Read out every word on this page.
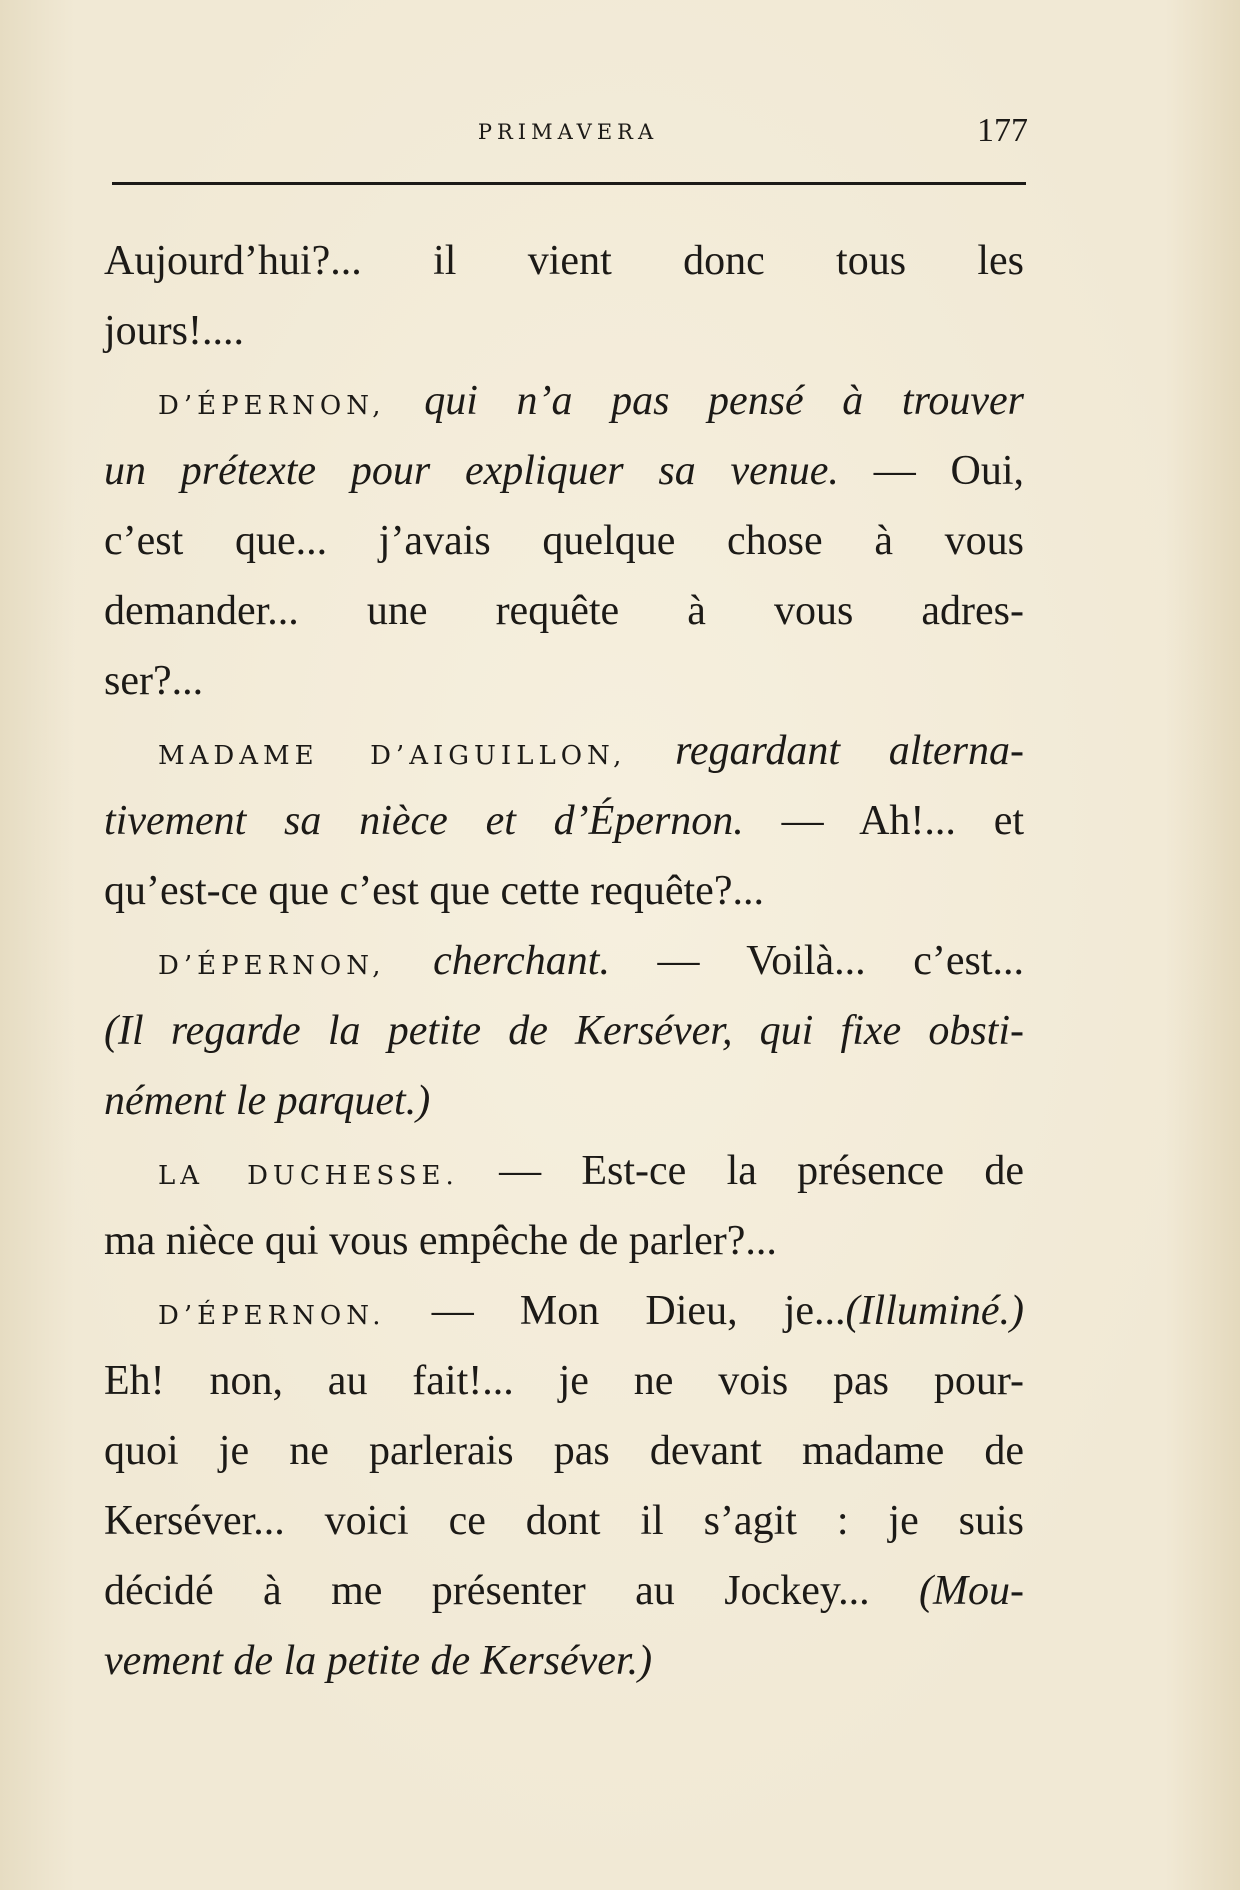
PRIMAVERA	177
Aujourd’hui?... il vient donc tous les
jours!....
D’ÉPERNON, qui n’a pas pensé à trouver
un prétexte pour expliquer sa venue. — Oui,
c’est que... j’avais quelque chose à vous
demander... une requête à vous adres-
ser?...
MADAME D’AIGUILLON, regardant alterna-
tivement sa nièce et d’Épernon. — Ah!... et
qu’est-ce que c’est que cette requête?...
D’ÉPERNON, cherchant. — Voilà... c’est...
(Il regarde la petite de Kerséver, qui fixe obsti-
nément le parquet.)
LA DUCHESSE. — Est-ce la présence de
ma nièce qui vous empêche de parler?...
D’ÉPERNON. — Mon Dieu, je...(Illuminé.)
Eh! non, au fait!... je ne vois pas pour-
quoi je ne parlerais pas devant madame de
Kerséver... voici ce dont il s’agit : je suis
décidé à me présenter au Jockey... (Mou-
vement de la petite de Kerséver.)
